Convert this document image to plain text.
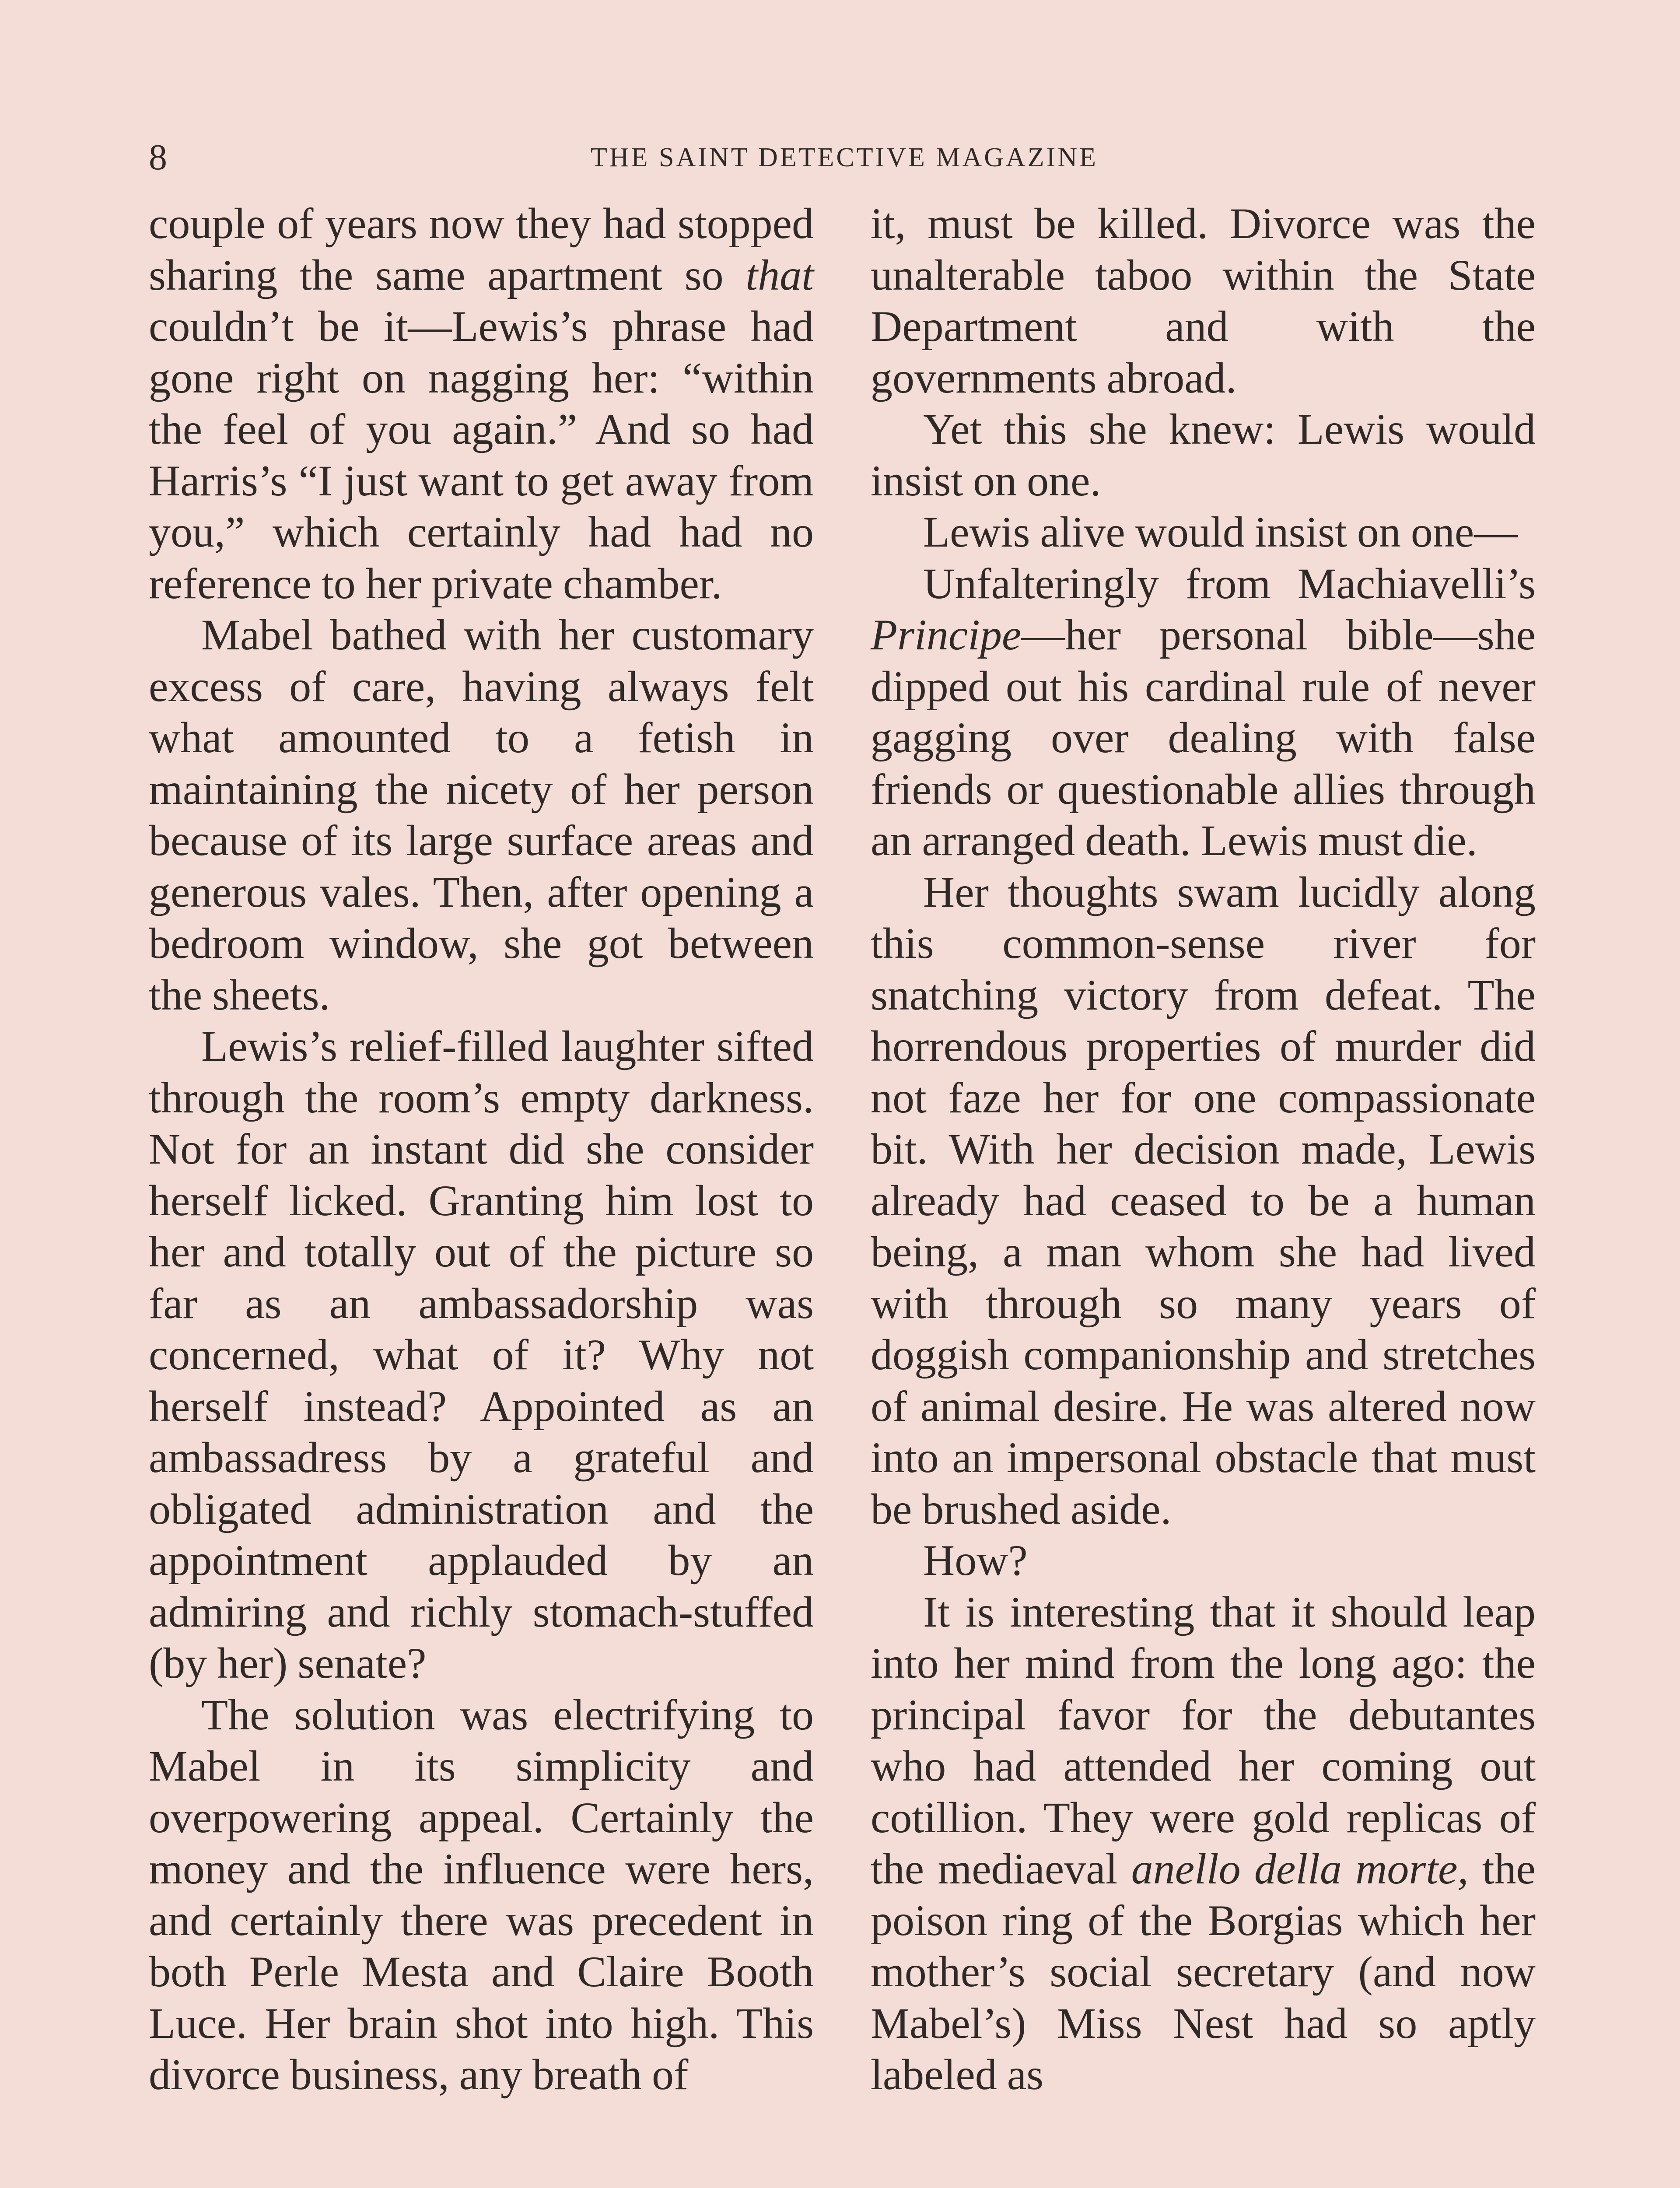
8	THE SAINT DETECTIVE MAGAZINE

couple of years now they had stopped sharing the same apartment so that couldn’t be it—Lewis’s phrase had gone right on nagging her: “within the feel of you again.” And so had Harris’s “I just want to get away from you,” which certainly had had no reference to her private chamber.

Mabel bathed with her customary excess of care, having always felt what amounted to a fetish in maintaining the nicety of her person because of its large surface areas and generous vales. Then, after opening a bedroom window, she got between the sheets.

Lewis’s relief-filled laughter sifted through the room’s empty darkness. Not for an instant did she consider herself licked. Granting him lost to her and totally out of the picture so far as an ambassadorship was concerned, what of it? Why not herself instead? Appointed as an ambassadress by a grateful and obligated administration and the appointment applauded by an admiring and richly stomach-stuffed (by her) senate?

The solution was electrifying to Mabel in its simplicity and overpowering appeal. Certainly the money and the influence were hers, and certainly there was precedent in both Perle Mesta and Claire Booth Luce. Her brain shot into high. This divorce business, any breath of

it, must be killed. Divorce was the unalterable taboo within the State Department and with the governments abroad.

Yet this she knew: Lewis would insist on one.

Lewis alive would insist on one—

Unfalteringly from Machiavelli’s Principe—her personal bible—she dipped out his cardinal rule of never gagging over dealing with false friends or questionable allies through an arranged death. Lewis must die.

Her thoughts swam lucidly along this common-sense river for snatching victory from defeat. The horrendous properties of murder did not faze her for one compassionate bit. With her decision made, Lewis already had ceased to be a human being, a man whom she had lived with through so many years of doggish companionship and stretches of animal desire. He was altered now into an impersonal obstacle that must be brushed aside.

How?

It is interesting that it should leap into her mind from the long ago: the principal favor for the debutantes who had attended her coming out cotillion. They were gold replicas of the mediaeval anello della morte, the poison ring of the Borgias which her mother’s social secretary (and now Mabel’s) Miss Nest had so aptly labeled as
